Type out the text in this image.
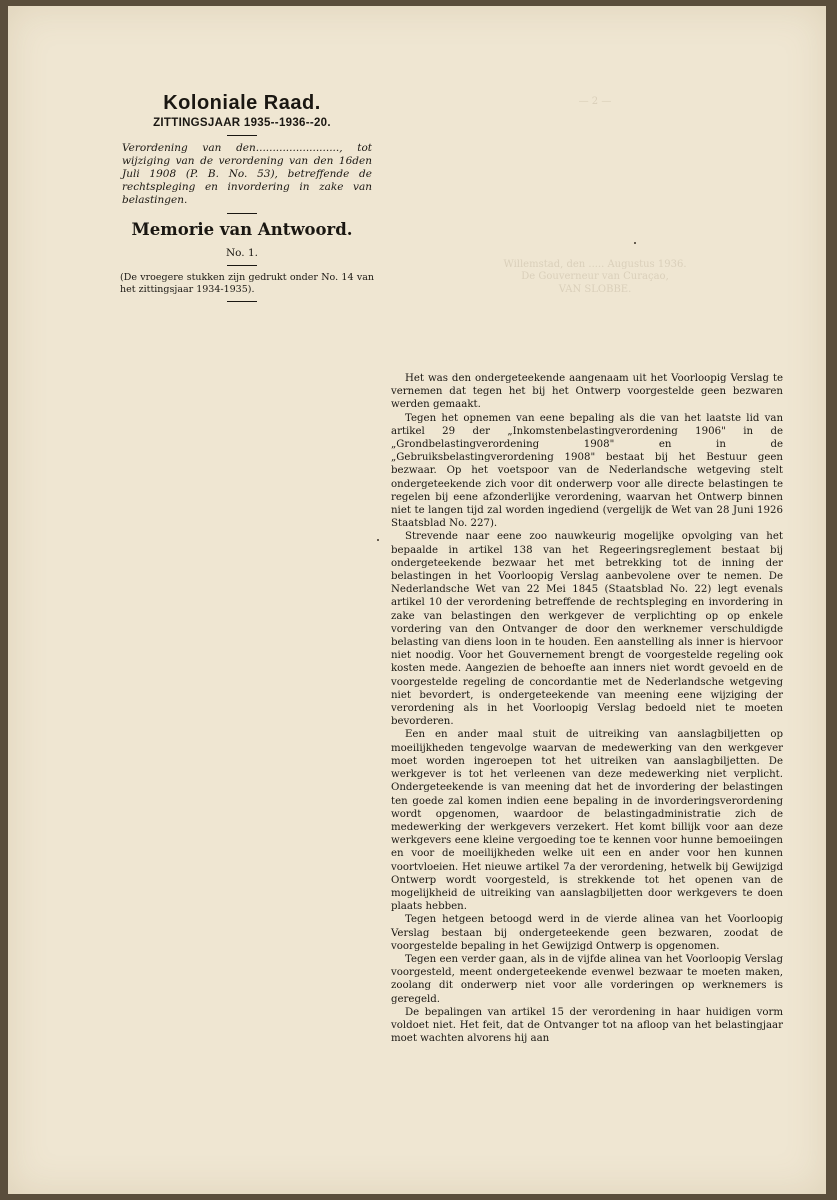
— 2 —
Willemstad, den ..... Augustus 1936.
De Gouverneur van Curaçao,
VAN SLOBBE.
Koloniale Raad.

ZITTINGSJAAR 1935--1936--20.

Verordening van den........................., tot wijziging van de verordening van den 16den Juli 1908 (P. B. No. 53), betreffende de rechtspleging en invordering in zake van belastingen.

Memorie van Antwoord.

No. 1.

(De vroegere stukken zijn gedrukt onder No. 14 van het zittingsjaar 1934-1935).

Het was den ondergeteekende aangenaam uit het Voorloopig Verslag te vernemen dat tegen het bij het Ontwerp voorgestelde geen bezwaren werden gemaakt.

Tegen het opnemen van eene bepaling als die van het laatste lid van artikel 29 der „Inkomstenbelastingverordening 1906" in de „Grondbelastingverordening 1908" en in de „Gebruiksbelastingverordening 1908" bestaat bij het Bestuur geen bezwaar. Op het voetspoor van de Nederlandsche wetgeving stelt ondergeteekende zich voor dit onderwerp voor alle directe belastingen te regelen bij eene afzonderlijke verordening, waarvan het Ontwerp binnen niet te langen tijd zal worden ingediend (vergelijk de Wet van 28 Juni 1926 Staatsblad No. 227).

Strevende naar eene zoo nauwkeurig mogelijke opvolging van het bepaalde in artikel 138 van het Regeeringsreglement bestaat bij ondergeteekende bezwaar het met betrekking tot de inning der belastingen in het Voorloopig Verslag aanbevolene over te nemen. De Nederlandsche Wet van 22 Mei 1845 (Staatsblad No. 22) legt evenals artikel 10 der verordening betreffende de rechtspleging en invordering in zake van belastingen den werkgever de verplichting op op enkele vordering van den Ontvanger de door den werknemer verschuldigde belasting van diens loon in te houden. Een aanstelling als inner is hiervoor niet noodig. Voor het Gouvernement brengt de voorgestelde regeling ook kosten mede. Aangezien de behoefte aan inners niet wordt gevoeld en de voorgestelde regeling de concordantie met de Nederlandsche wetgeving niet bevordert, is ondergeteekende van meening eene wijziging der verordening als in het Voorloopig Verslag bedoeld niet te moeten bevorderen.

Een en ander maal stuit de uitreiking van aanslagbiljetten op moeilijkheden tengevolge waarvan de medewerking van den werkgever moet worden ingeroepen tot het uitreiken van aanslagbiljetten. De werkgever is tot het verleenen van deze medewerking niet verplicht. Ondergeteekende is van meening dat het de invordering der belastingen ten goede zal komen indien eene bepaling in de invorderingsverordening wordt opgenomen, waardoor de belastingadministratie zich de medewerking der werkgevers verzekert. Het komt billijk voor aan deze werkgevers eene kleine vergoeding toe te kennen voor hunne bemoeiingen en voor de moeilijkheden welke uit een en ander voor hen kunnen voortvloeien. Het nieuwe artikel 7a der verordening, hetwelk bij Gewijzigd Ontwerp wordt voorgesteld, is strekkende tot het openen van de mogelijkheid de uitreiking van aanslagbiljetten door werkgevers te doen plaats hebben.

Tegen hetgeen betoogd werd in de vierde alinea van het Voorloopig Verslag bestaan bij ondergeteekende geen bezwaren, zoodat de voorgestelde bepaling in het Gewijzigd Ontwerp is opgenomen.

Tegen een verder gaan, als in de vijfde alinea van het Voorloopig Verslag voorgesteld, meent ondergeteekende evenwel bezwaar te moeten maken, zoolang dit onderwerp niet voor alle vorderingen op werknemers is geregeld.

De bepalingen van artikel 15 der verordening in haar huidigen vorm voldoet niet. Het feit, dat de Ontvanger tot na afloop van het belastingjaar moet wachten alvorens hij aan
